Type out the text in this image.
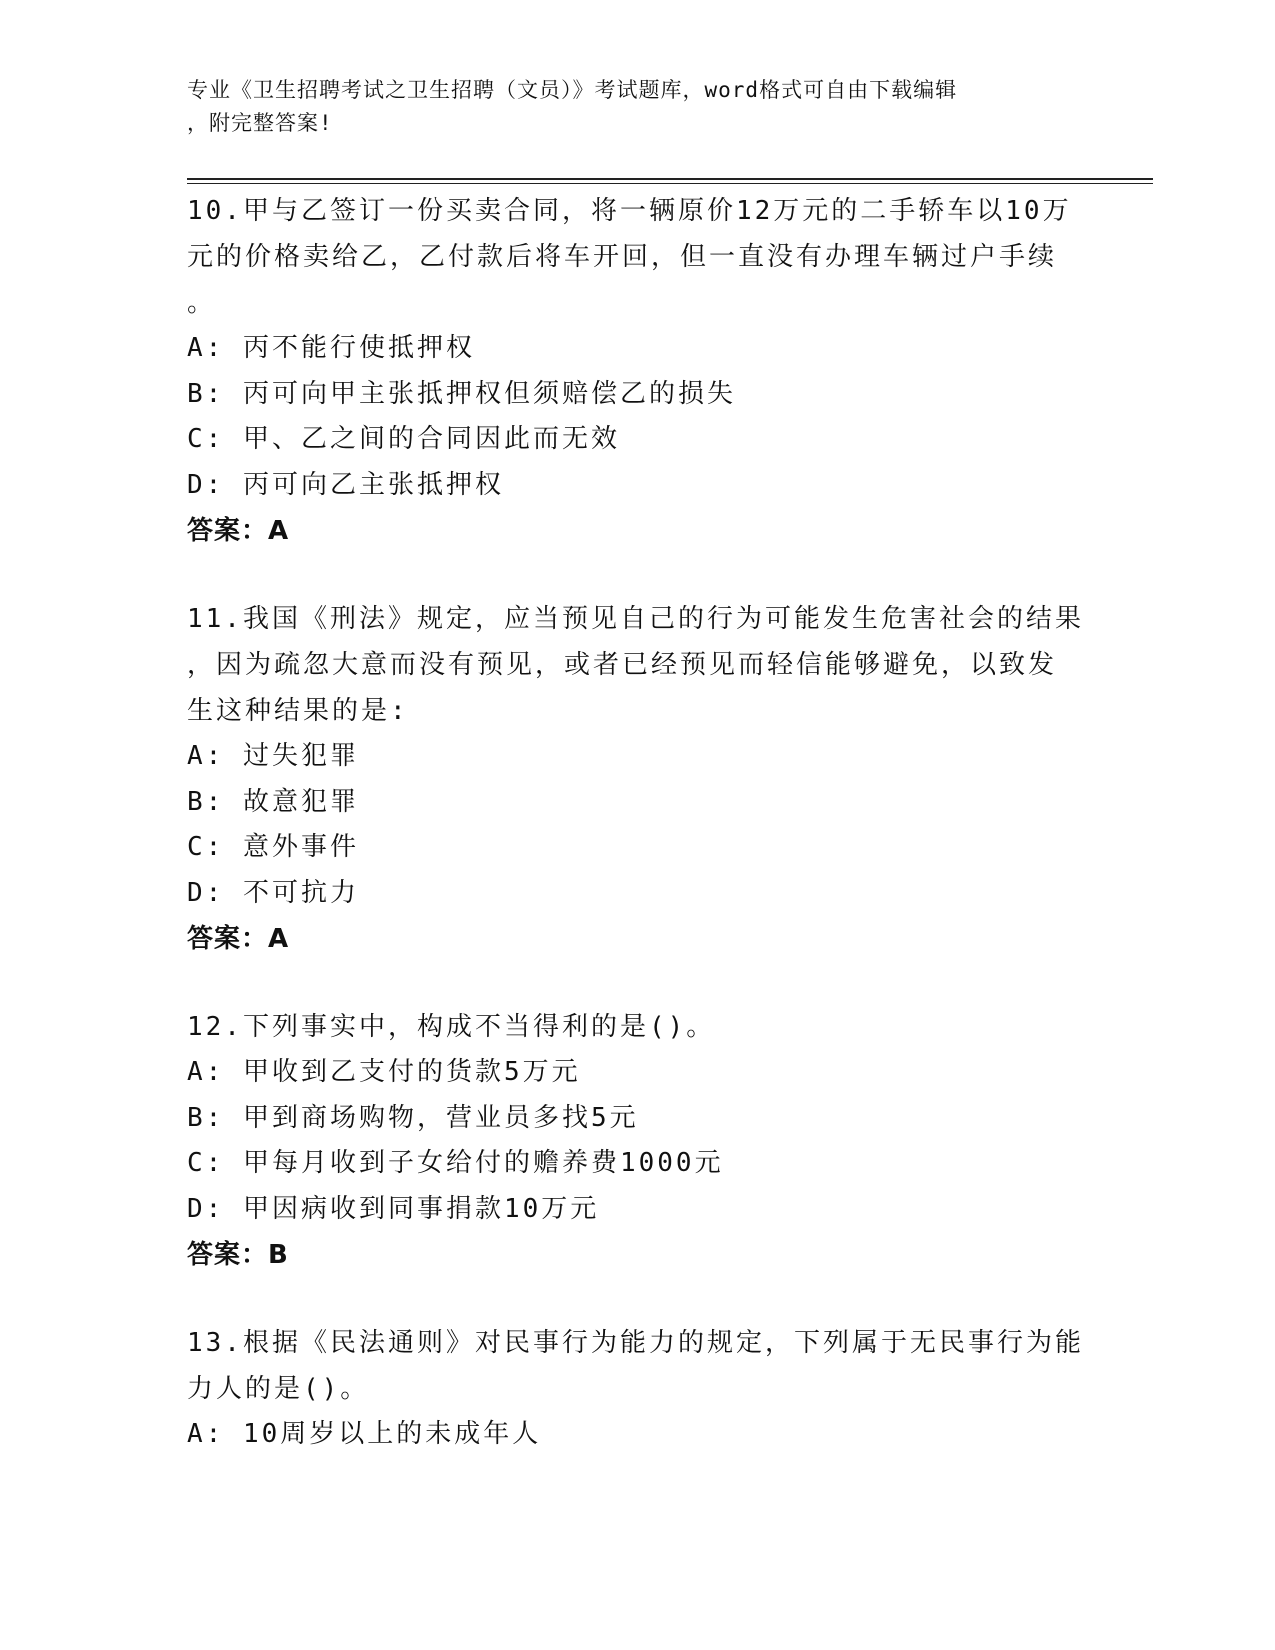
专业《卫生招聘考试之卫生招聘（文员）》考试题库，word格式可自由下载编辑
，附完整答案!
10.甲与乙签订一份买卖合同，将一辆原价12万元的二手轿车以10万
元的价格卖给乙，乙付款后将车开回，但一直没有办理车辆过户手续
。
A: 丙不能行使抵押权
B: 丙可向甲主张抵押权但须赔偿乙的损失
C: 甲、乙之间的合同因此而无效
D: 丙可向乙主张抵押权
答案：A
11.我国《刑法》规定，应当预见自己的行为可能发生危害社会的结果
，因为疏忽大意而没有预见，或者已经预见而轻信能够避免，以致发
生这种结果的是:
A: 过失犯罪
B: 故意犯罪
C: 意外事件
D: 不可抗力
答案：A
12.下列事实中，构成不当得利的是()。
A: 甲收到乙支付的货款5万元
B: 甲到商场购物，营业员多找5元
C: 甲每月收到子女给付的赡养费1000元
D: 甲因病收到同事捐款10万元
答案：B
13.根据《民法通则》对民事行为能力的规定，下列属于无民事行为能
力人的是()。
A: 10周岁以上的未成年人
